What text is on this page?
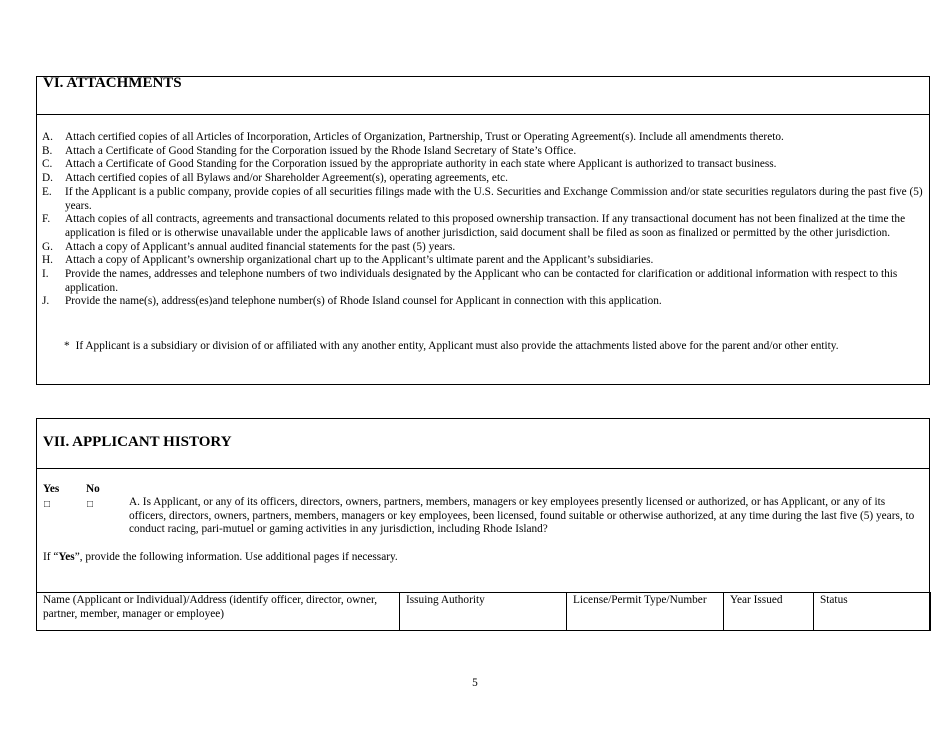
VI. ATTACHMENTS
A.	Attach certified copies of all Articles of Incorporation, Articles of Organization, Partnership, Trust or Operating Agreement(s). Include all amendments thereto.
B.	Attach a Certificate of Good Standing for the Corporation issued by the Rhode Island Secretary of State’s Office.
C.	Attach a Certificate of Good Standing for the Corporation issued by the appropriate authority in each state where Applicant is authorized to transact business.
D.	Attach certified copies of all Bylaws and/or Shareholder Agreement(s), operating agreements, etc.
E.	If the Applicant is a public company, provide copies of all securities filings made with the U.S. Securities and Exchange Commission and/or state securities regulators during the past five (5) years.
F.	Attach copies of all contracts, agreements and transactional documents related to this proposed ownership transaction. If any transactional document has not been finalized at the time the application is filed or is otherwise unavailable under the applicable laws of another jurisdiction, said document shall be filed as soon as finalized or permitted by the other jurisdiction.
G.	Attach a copy of Applicant’s annual audited financial statements for the past (5) years.
H.	Attach a copy of Applicant’s ownership organizational chart up to the Applicant’s ultimate parent and the Applicant’s subsidiaries.
I.	Provide the names, addresses and telephone numbers of two individuals designated by the Applicant who can be contacted for clarification or additional information with respect to this application.
J.	Provide the name(s), address(es)and telephone number(s) of Rhode Island counsel for Applicant in connection with this application.
* If Applicant is a subsidiary or division of or affiliated with any another entity, Applicant must also provide the attachments listed above for the parent and/or other entity.
VII. APPLICANT HISTORY
Yes No
□	□	A. Is Applicant, or any of its officers, directors, owners, partners, members, managers or key employees presently licensed or authorized, or has Applicant, or any of its officers, directors, owners, partners, members, managers or key employees, been licensed, found suitable or otherwise authorized, at any time during the last five (5) years, to conduct racing, pari-mutuel or gaming activities in any jurisdiction, including Rhode Island?
If “Yes”, provide the following information. Use additional pages if necessary.
Name (Applicant or Individual)/Address (identify officer, director, owner, partner, member, manager or employee)	Issuing Authority	License/Permit Type/Number	Year Issued	Status
5
